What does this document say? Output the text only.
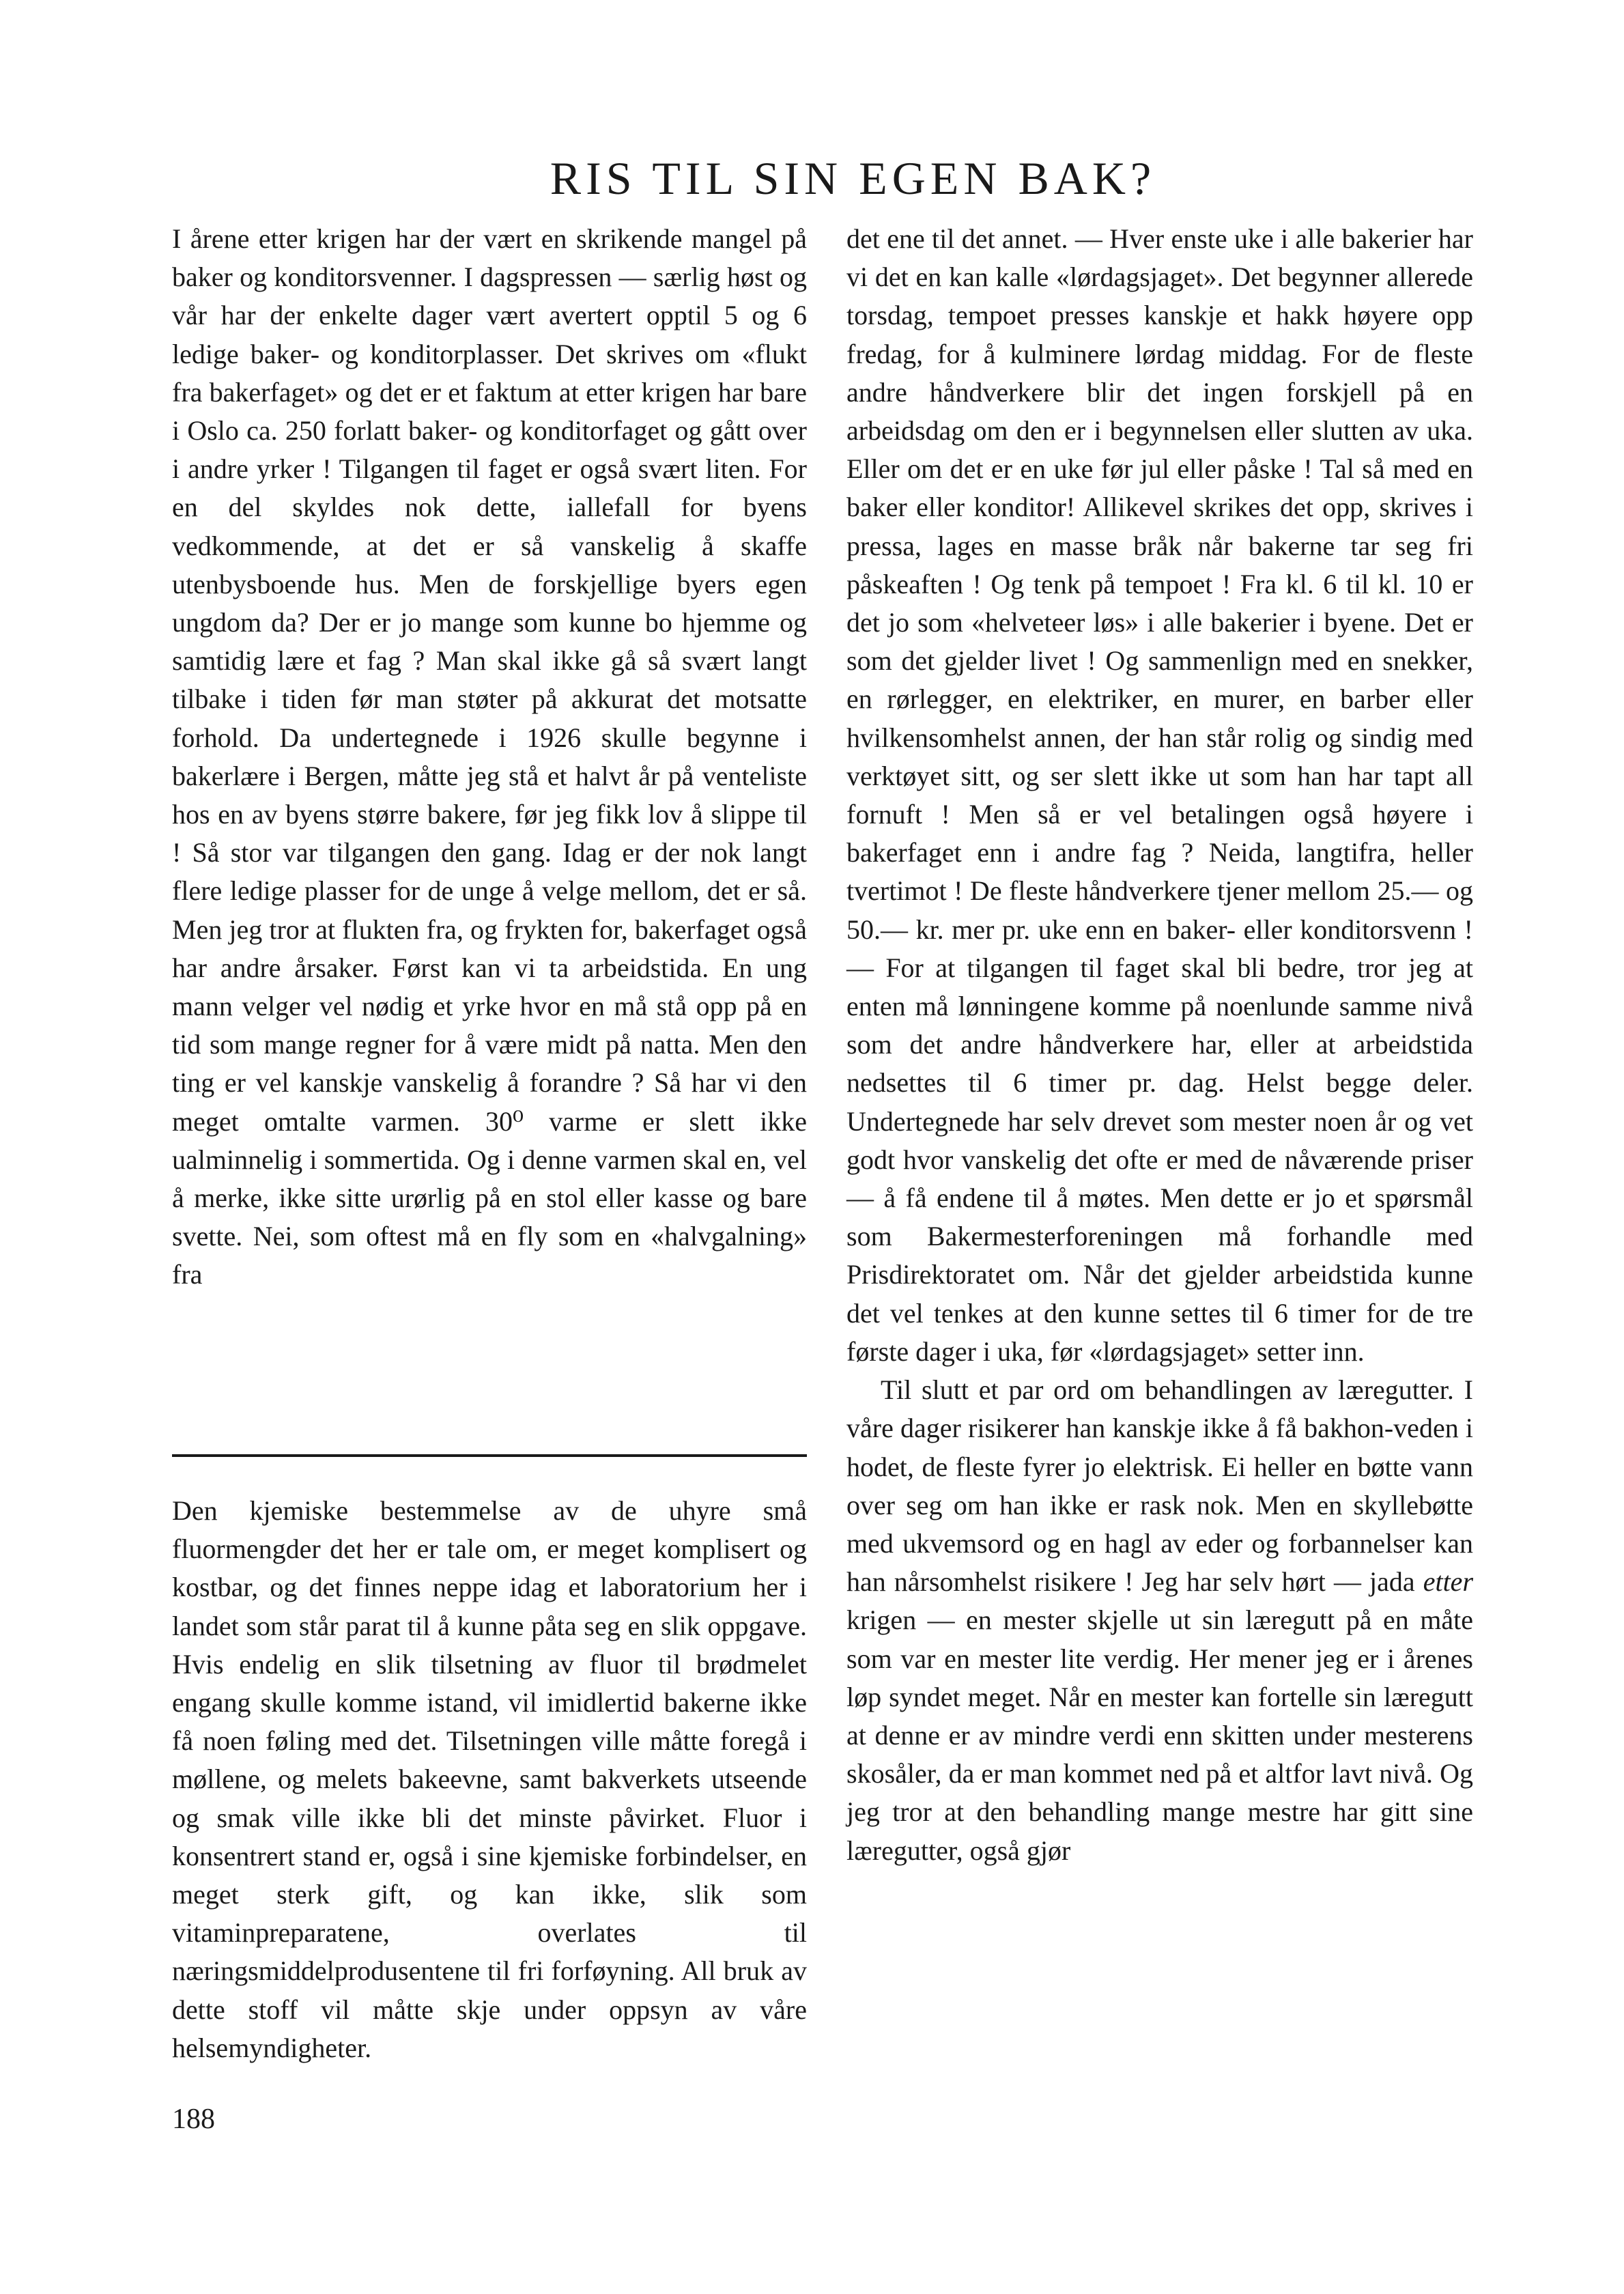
RIS TIL SIN EGEN BAK?

I årene etter krigen har der vært en skrikende mangel på baker og konditorsvenner. I dagspressen — særlig høst og vår har der enkelte dager vært avertert opptil 5 og 6 ledige baker- og konditorplasser. Det skrives om «flukt fra bakerfaget» og det er et faktum at etter krigen har bare i Oslo ca. 250 forlatt baker- og konditorfaget og gått over i andre yrker ! Tilgangen til faget er også svært liten. For en del skyldes nok dette, iallefall for byens vedkommende, at det er så vanskelig å skaffe utenbysboende hus. Men de forskjellige byers egen ungdom da? Der er jo mange som kunne bo hjemme og samtidig lære et fag ? Man skal ikke gå så svært langt tilbake i tiden før man støter på akkurat det motsatte forhold. Da undertegnede i 1926 skulle begynne i bakerlære i Bergen, måtte jeg stå et halvt år på venteliste hos en av byens større bakere, før jeg fikk lov å slippe til ! Så stor var tilgangen den gang. Idag er der nok langt flere ledige plasser for de unge å velge mellom, det er så. Men jeg tror at flukten fra, og frykten for, bakerfaget også har andre årsaker. Først kan vi ta arbeidstida. En ung mann velger vel nødig et yrke hvor en må stå opp på en tid som mange regner for å være midt på natta. Men den ting er vel kanskje vanskelig å forandre ? Så har vi den meget omtalte varmen. 30⁰ varme er slett ikke ualminnelig i sommertida. Og i denne varmen skal en, vel å merke, ikke sitte urørlig på en stol eller kasse og bare svette. Nei, som oftest må en fly som en «halvgalning» fra

det ene til det annet. — Hver enste uke i alle bakerier har vi det en kan kalle «lørdagsjaget». Det begynner allerede torsdag, tempoet presses kanskje et hakk høyere opp fredag, for å kulminere lørdag middag. For de fleste andre håndverkere blir det ingen forskjell på en arbeidsdag om den er i begynnelsen eller slutten av uka. Eller om det er en uke før jul eller påske ! Tal så med en baker eller konditor! Allikevel skrikes det opp, skrives i pressa, lages en masse bråk når bakerne tar seg fri påskeaften ! Og tenk på tempoet ! Fra kl. 6 til kl. 10 er det jo som «helveteer løs» i alle bakerier i byene. Det er som det gjelder livet ! Og sammenlign med en snekker, en rørlegger, en elektriker, en murer, en barber eller hvilkensomhelst annen, der han står rolig og sindig med verktøyet sitt, og ser slett ikke ut som han har tapt all fornuft ! Men så er vel betalingen også høyere i bakerfaget enn i andre fag ? Neida, langtifra, heller tvertimot ! De fleste håndverkere tjener mellom 25.— og 50.— kr. mer pr. uke enn en baker- eller konditorsvenn ! — For at tilgangen til faget skal bli bedre, tror jeg at enten må lønningene komme på noenlunde samme nivå som det andre håndverkere har, eller at arbeidstida nedsettes til 6 timer pr. dag. Helst begge deler. Undertegnede har selv drevet som mester noen år og vet godt hvor vanskelig det ofte er med de nåværende priser — å få endene til å møtes. Men dette er jo et spørsmål som Bakermesterforeningen må forhandle med Prisdirektoratet om. Når det gjelder arbeidstida kunne det vel tenkes at den kunne settes til 6 timer for de tre første dager i uka, før «lørdagsjaget» setter inn.

Til slutt et par ord om behandlingen av læregutter. I våre dager risikerer han kanskje ikke å få bakhon-veden i hodet, de fleste fyrer jo elektrisk. Ei heller en bøtte vann over seg om han ikke er rask nok. Men en skyllebøtte med ukvemsord og en hagl av eder og forbannelser kan han nårsomhelst risikere ! Jeg har selv hørt — jada etter krigen — en mester skjelle ut sin læregutt på en måte som var en mester lite verdig. Her mener jeg er i årenes løp syndet meget. Når en mester kan fortelle sin læregutt at denne er av mindre verdi enn skitten under mesterens skosåler, da er man kommet ned på et altfor lavt nivå. Og jeg tror at den behandling mange mestre har gitt sine læregutter, også gjør

Den kjemiske bestemmelse av de uhyre små fluormengder det her er tale om, er meget komplisert og kostbar, og det finnes neppe idag et laboratorium her i landet som står parat til å kunne påta seg en slik oppgave. Hvis endelig en slik tilsetning av fluor til brødmelet engang skulle komme istand, vil imidlertid bakerne ikke få noen føling med det. Tilsetningen ville måtte foregå i møllene, og melets bakeevne, samt bakverkets utseende og smak ville ikke bli det minste påvirket. Fluor i konsentrert stand er, også i sine kjemiske forbindelser, en meget sterk gift, og kan ikke, slik som vitaminpreparatene, overlates til næringsmiddelprodusentene til fri forføyning. All bruk av dette stoff vil måtte skje under oppsyn av våre helsemyndigheter.

188
